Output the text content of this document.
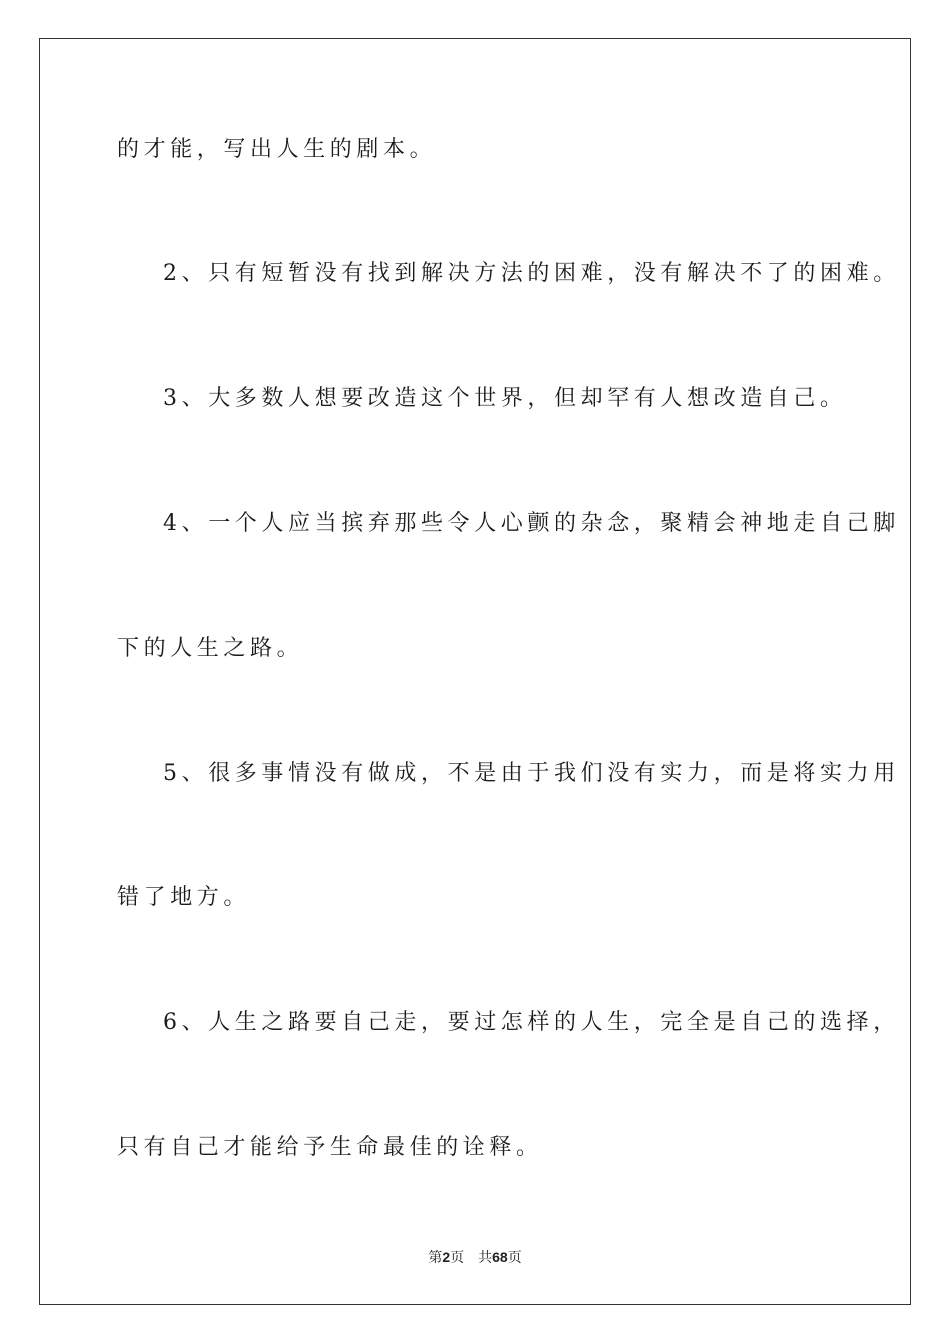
的才能，写出人生的剧本。
2、只有短暂没有找到解决方法的困难，没有解决不了的困难。
3、大多数人想要改造这个世界，但却罕有人想改造自己。
4、一个人应当摈弃那些令人心颤的杂念，聚精会神地走自己脚
下的人生之路。
5、很多事情没有做成，不是由于我们没有实力，而是将实力用
错了地方。
6、人生之路要自己走，要过怎样的人生，完全是自己的选择，
只有自己才能给予生命最佳的诠释。
第2页 共68页
